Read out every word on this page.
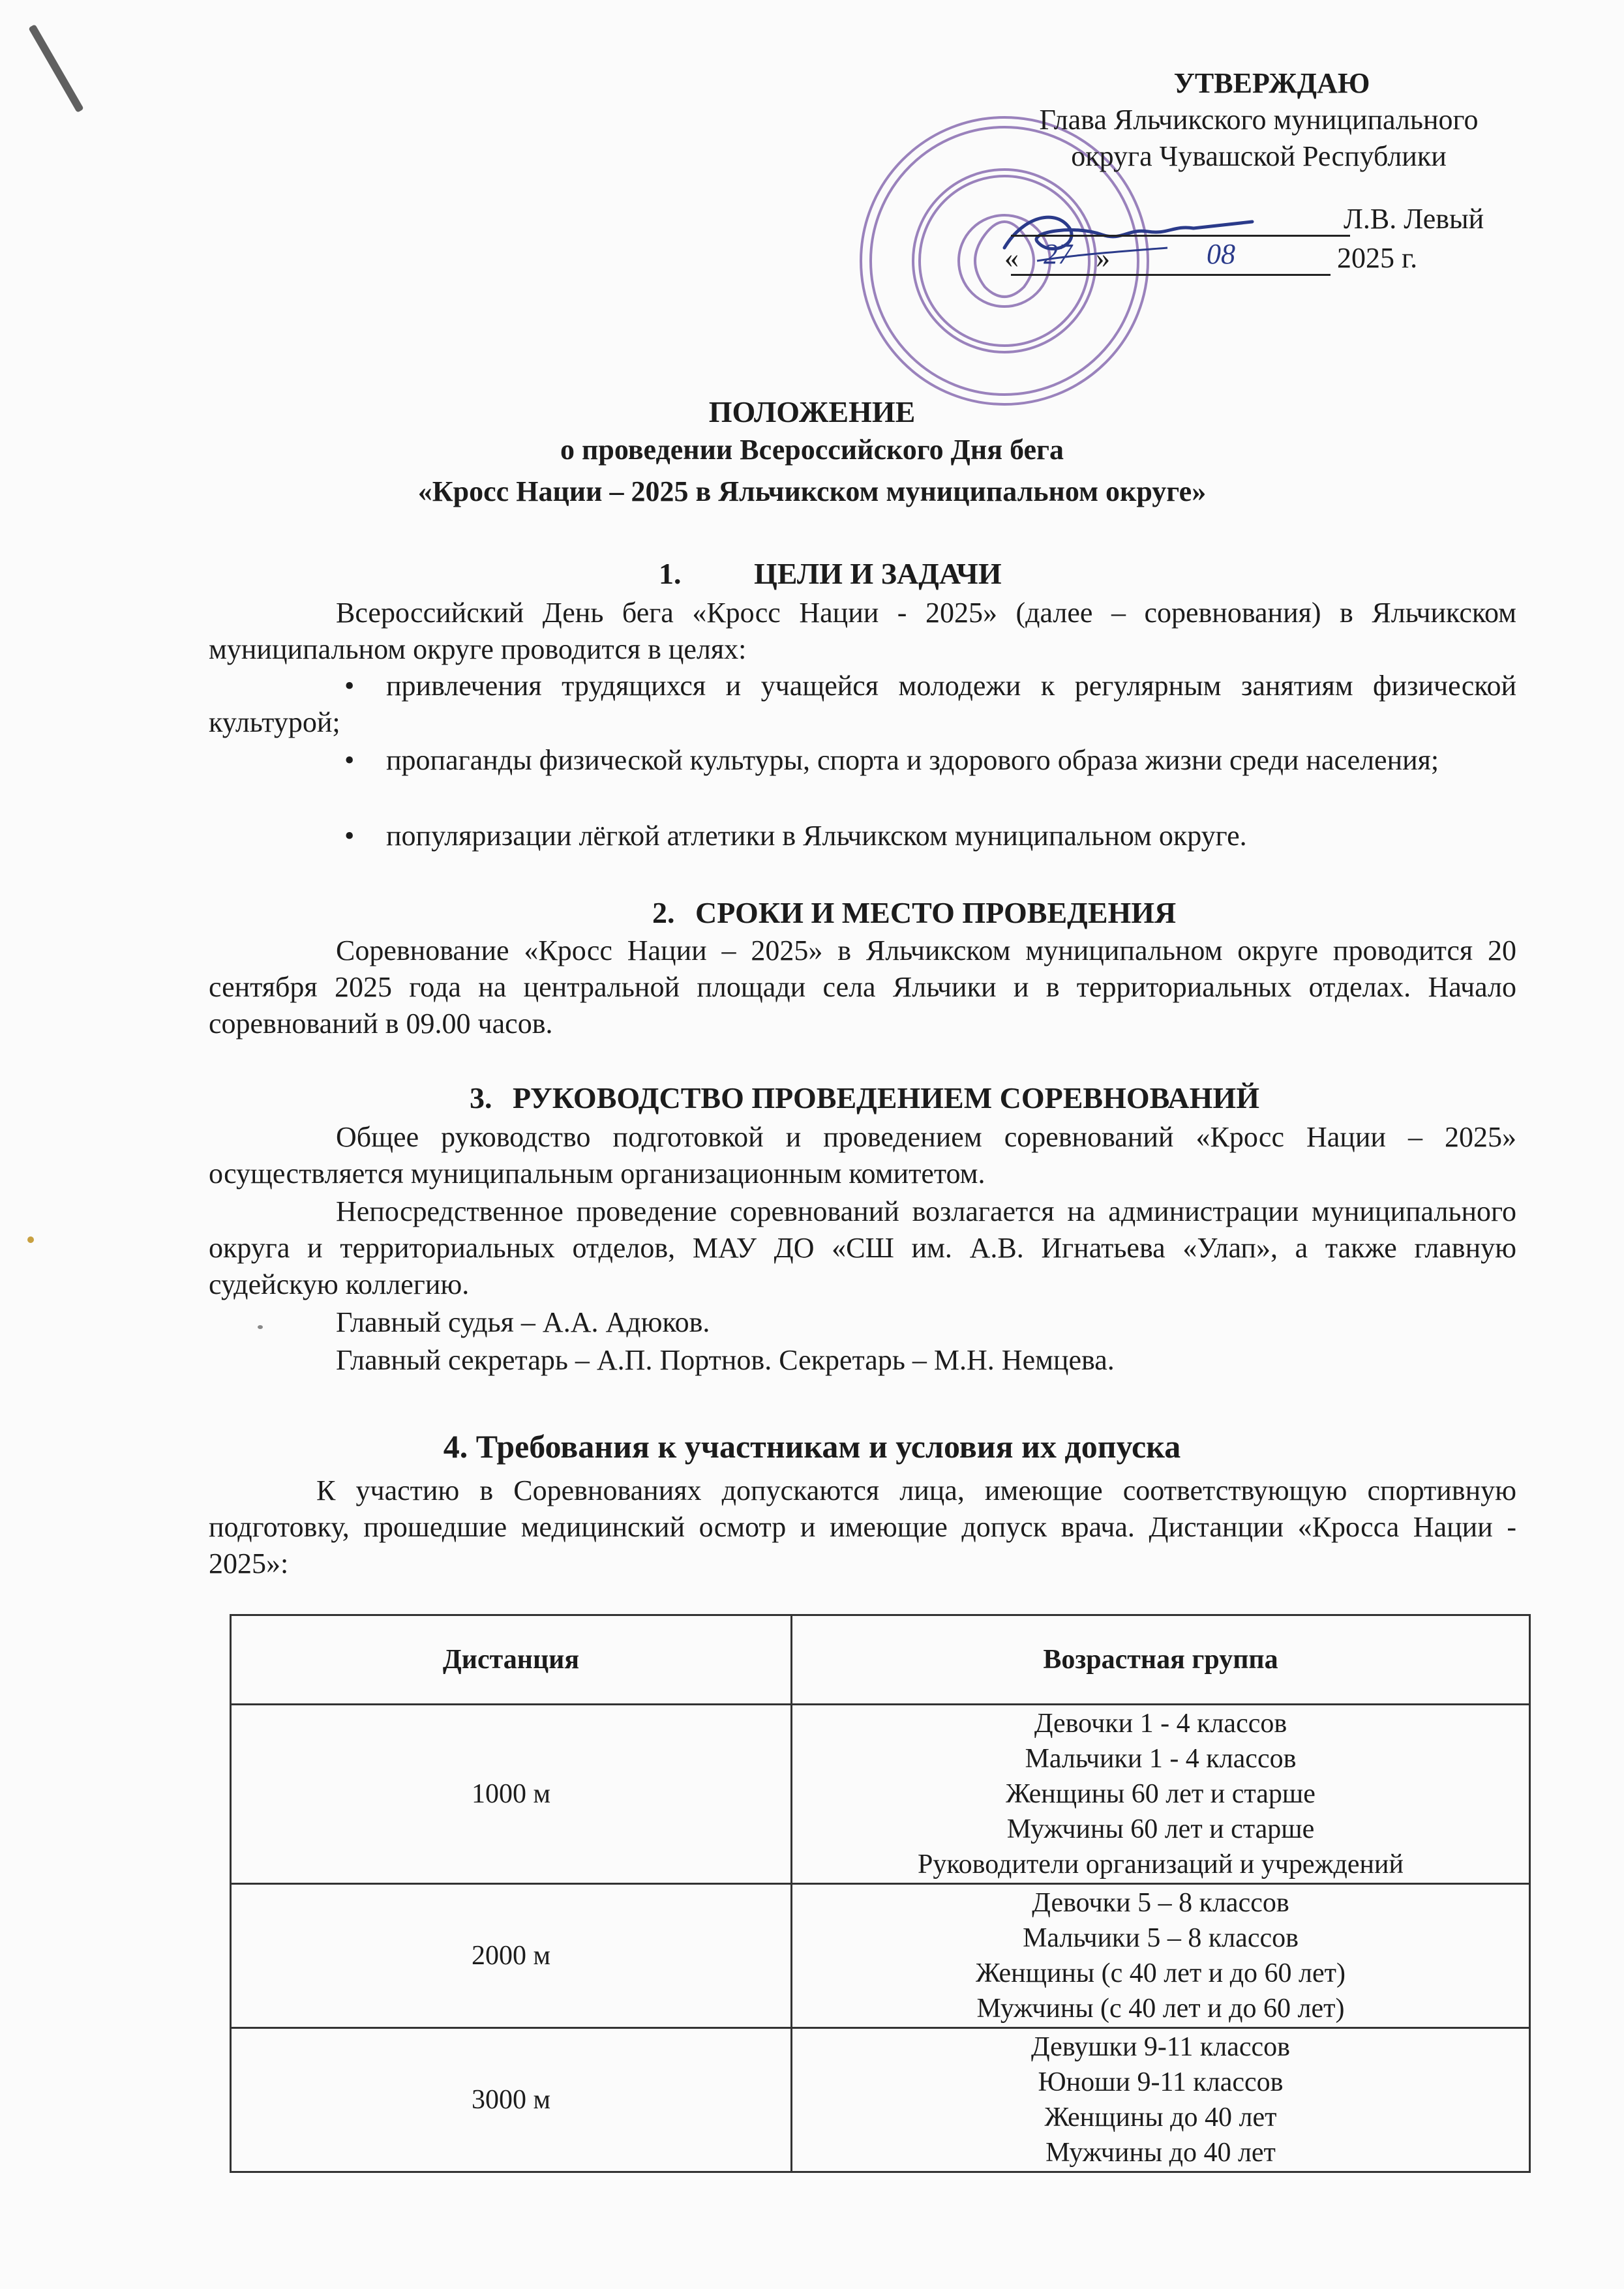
УТВЕРЖДАЮ
Глава Яльчикского муниципального
округа Чувашской Республики
Л.В. Левый
« 27 »	08	2025 г.
ПОЛОЖЕНИЕ
о проведении Всероссийского Дня бега
«Кросс Нации – 2025 в Яльчикском муниципальном округе»
1. ЦЕЛИ И ЗАДАЧИ
Всероссийский День бега «Кросс Нации - 2025» (далее – соревнования) в Яльчикском муниципальном округе проводится в целях:
•	привлечения трудящихся и учащейся молодежи к регулярным занятиям физической культурой;
•	пропаганды физической культуры, спорта и здорового образа жизни среди населения;
•	популяризации лёгкой атлетики в Яльчикском муниципальном округе.
2. СРОКИ И МЕСТО ПРОВЕДЕНИЯ
Соревнование «Кросс Нации – 2025» в Яльчикском муниципальном округе проводится 20 сентября 2025 года на центральной площади села Яльчики и в территориальных отделах. Начало соревнований в 09.00 часов.
3. РУКОВОДСТВО ПРОВЕДЕНИЕМ СОРЕВНОВАНИЙ
Общее руководство подготовкой и проведением соревнований «Кросс Нации – 2025» осуществляется муниципальным организационным комитетом.
Непосредственное проведение соревнований возлагается на администрации муниципального округа и территориальных отделов, МАУ ДО «СШ им. А.В. Игнатьева «Улап», а также главную судейскую коллегию.
Главный судья – А.А. Адюков.
Главный секретарь – А.П. Портнов. Секретарь – М.Н. Немцева.
4. Требования к участникам и условия их допуска
К участию в Соревнованиях допускаются лица, имеющие соответствующую спортивную подготовку, прошедшие медицинский осмотр и имеющие допуск врача. Дистанции «Кросса Нации - 2025»:
Дистанция	Возрастная группа
1000 м	Девочки 1 - 4 классов
Мальчики 1 - 4 классов
Женщины 60 лет и старше
Мужчины 60 лет и старше
Руководители организаций и учреждений

2000 м	Девочки 5 – 8 классов
Мальчики 5 – 8 классов
Женщины (с 40 лет и до 60 лет)
Мужчины (с 40 лет и до 60 лет)

3000 м	Девушки 9-11 классов
Юноши 9-11 классов
Женщины до 40 лет
Мужчины до 40 лет
